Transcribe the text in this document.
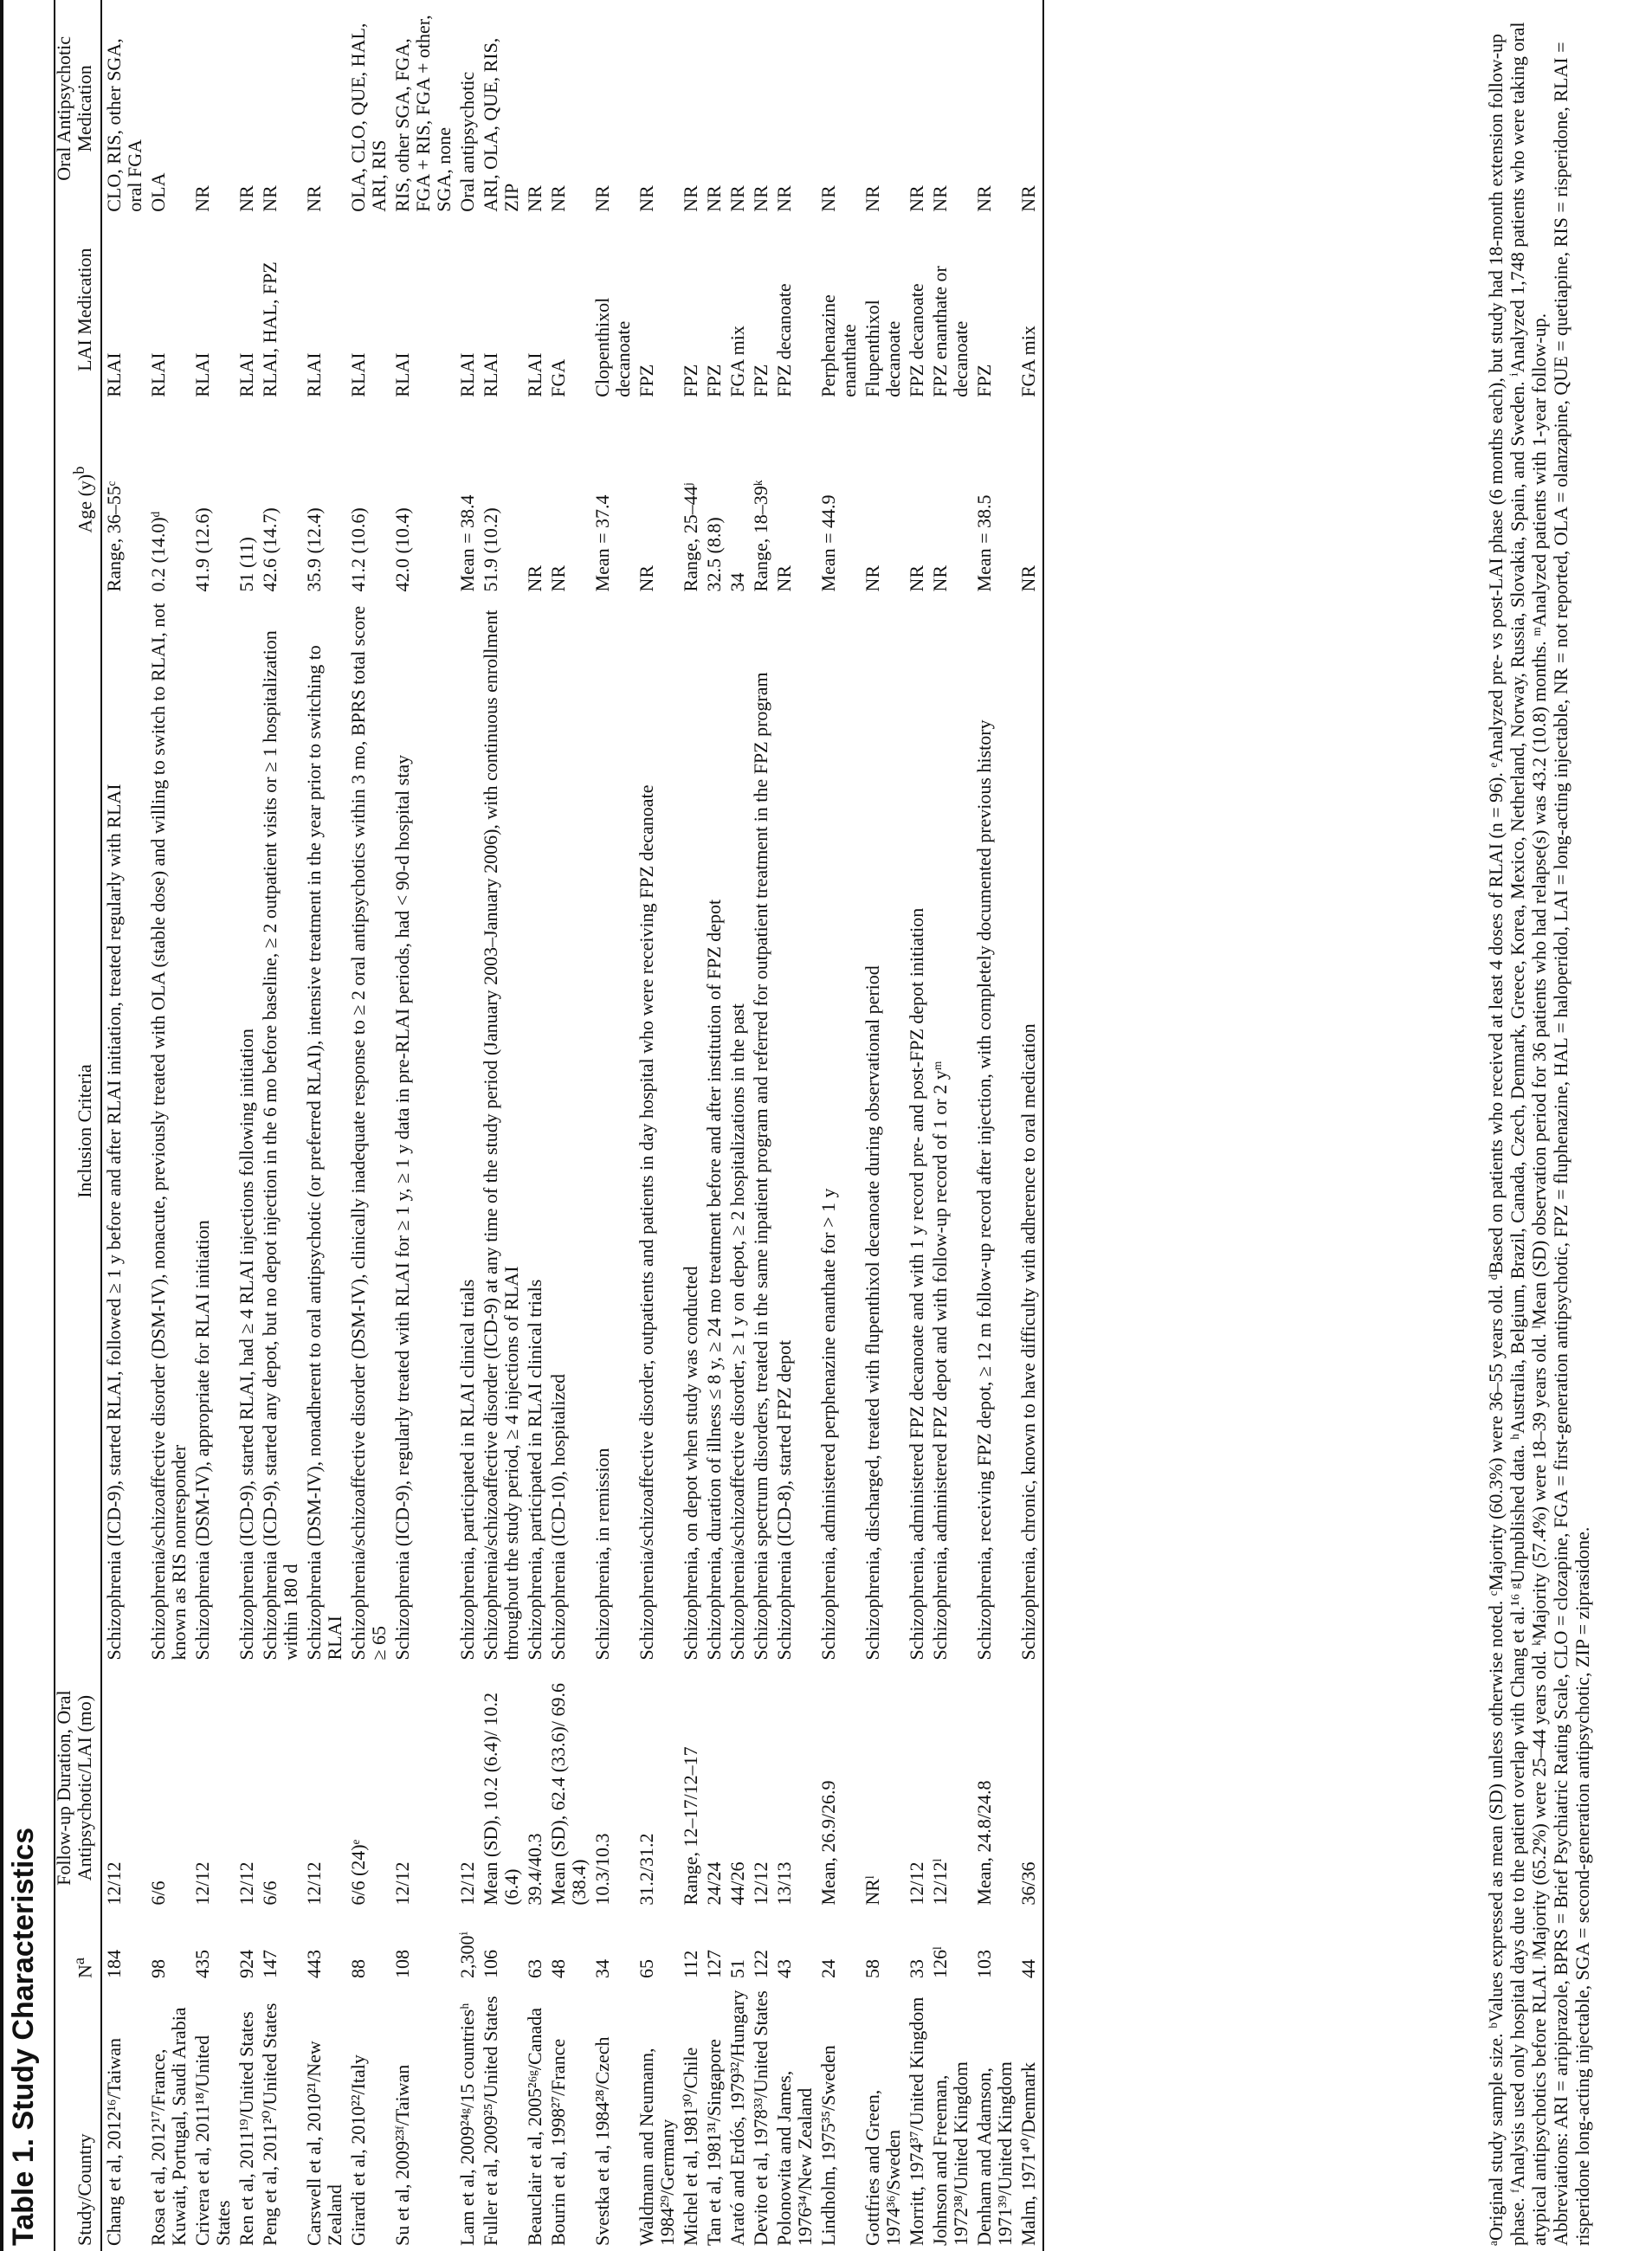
Table 1. Study Characteristics Study/Country	$N^a$	Follow-up Duration, Oral Antipsychotic/LAI (mo)	Inclusion Criteria	Age $(y)^b$	LAI Medication	Oral Antipsychotic Medication
Chang et al, 2012¹⁶/Taiwan	184	12/12	Schizophrenia (ICD-9), started RLAI, followed ≥ 1 y before and after RLAI initiation, treated regularly with RLAI	Range, 36–55ᶜ	RLAI	CLO, RIS, other SGA, oral FGA
Rosa et al, 2012¹⁷/France, Kuwait, Portugal, Saudi Arabia	98	6/6	Schizophrenia/schizoaffective disorder (DSM-IV), nonacute, previously treated with OLA (stable dose) and willing to switch to RLAI, not known as RIS nonresponder	0.2 (14.0)ᵈ	RLAI	OLA
Crivera et al, 2011¹⁸/United States	435	12/12	Schizophrenia (DSM-IV), appropriate for RLAI initiation	41.9 (12.6)	RLAI	NR
Ren et al, 2011¹⁹/United States	924	12/12	Schizophrenia (ICD-9), started RLAI, had ≥ 4 RLAI injections following initiation	51 (11)	RLAI	NR
Peng et al, 2011²⁰/United States	147	6/6	Schizophrenia (ICD-9), started any depot, but no depot injection in the 6 mo before baseline, ≥ 2 outpatient visits or ≥ 1 hospitalization within 180 d	42.6 (14.7)	RLAI, HAL, FPZ	NR
Carswell et al, 2010²¹/New Zealand	443	12/12	Schizophrenia (DSM-IV), nonadherent to oral antipsychotic (or preferred RLAI), intensive treatment in the year prior to switching to RLAI	35.9 (12.4)	RLAI	NR
Girardi et al, 2010²²/Italy	88	6/6 (24)ᵉ	Schizophrenia/schizoaffective disorder (DSM-IV), clinically inadequate response to ≥ 2 oral antipsychotics within 3 mo, BPRS total score ≥ 65	41.2 (10.6)	RLAI	OLA, CLO, QUE, HAL, ARI, RIS
Su et al, 2009²³ᶠ/Taiwan	108	12/12	Schizophrenia (ICD-9), regularly treated with RLAI for ≥ 1 y, ≥ 1 y data in pre-RLAI periods, had < 90-d hospital stay	42.0 (10.4)	RLAI	RIS, other SGA, FGA, FGA + RIS, FGA + other, SGA, none
Lam et al, 2009²⁴ᵍ/15 countriesʰ	2,300ⁱ	12/12	Schizophrenia, participated in RLAI clinical trials	Mean = 38.4	RLAI	Oral antipsychotic
Fuller et al, 2009²⁵/United States	106	Mean (SD), 10.2 (6.4)/ 10.2 (6.4)	Schizophrenia/schizoaffective disorder (ICD-9) at any time of the study period (January 2003–January 2006), with continuous enrollment throughout the study period, ≥ 4 injections of RLAI	51.9 (10.2)	RLAI	ARI, OLA, QUE, RIS, ZIP
Beauclair et al, 2005²⁶ᵍ/Canada	63	39.4/40.3	Schizophrenia, participated in RLAI clinical trials	NR	RLAI	NR
Bourin et al, 1998²⁷/France	48	Mean (SD), 62.4 (33.6)/ 69.6 (38.4)	Schizophrenia (ICD-10), hospitalized	NR	FGA	NR
Svestka et al, 1984²⁸/Czech	34	10.3/10.3	Schizophrenia, in remission	Mean = 37.4	Clopenthixol decanoate	NR
Waldmann and Neumann, 1984²⁹/Germany	65	31.2/31.2	Schizophrenia/schizoaffective disorder, outpatients and patients in day hospital who were receiving FPZ decanoate	NR	FPZ	NR
Michel et al, 1981³⁰/Chile	112	Range, 12–17/12–17	Schizophrenia, on depot when study was conducted	Range, 25–44ʲ	FPZ	NR
Tan et al, 1981³¹/Singapore	127	24/24	Schizophrenia, duration of illness ≤ 8 y, ≥ 24 mo treatment before and after institution of FPZ depot	32.5 (8.8)	FPZ	NR
Arató and Erdós, 1979³²/Hungary	51	44/26	Schizophrenia/schizoaffective disorder, ≥ 1 y on depot, ≥ 2 hospitalizations in the past	34	FGA mix	NR
Devito et al, 1978³³/United States	122	12/12	Schizophrenia spectrum disorders, treated in the same inpatient program and referred for outpatient treatment in the FPZ program	Range, 18–39ᵏ	FPZ	NR
Polonowita and James, 1976³⁴/New Zealand	43	13/13	Schizophrenia (ICD-8), started FPZ depot	NR	FPZ decanoate	NR
Lindholm, 1975³⁵/Sweden	24	Mean, 26.9/26.9	Schizophrenia, administered perphenazine enanthate for > 1 y	Mean = 44.9	Perphenazine enanthate	NR
Gottfries and Green, 1974³⁶/Sweden	58	NRˡ	Schizophrenia, discharged, treated with flupenthixol decanoate during observational period	NR	Flupenthixol decanoate	NR
Morritt, 1974³⁷/United Kingdom	33	12/12	Schizophrenia, administered FPZ decanoate and with 1 y record pre- and post-FPZ depot initiation	NR	FPZ decanoate	NR
Johnson and Freeman, 1972³⁸/United Kingdom	126ˡ	12/12ˡ	Schizophrenia, administered FPZ depot and with follow-up record of 1 or 2 yᵐ	NR	FPZ enanthate or decanoate	NR
Denham and Adamson, 1971³⁹/United Kingdom	103	Mean, 24.8/24.8	Schizophrenia, receiving FPZ depot, ≥ 12 m follow-up record after injection, with completely documented previous history	Mean = 38.5	FPZ	NR
Malm, 1971⁴⁰/Denmark	44	36/36	Schizophrenia, chronic, known to have difficulty with adherence to oral medication	NR	FGA mix	NR	ᵃOriginal study sample size. ᵇValues expressed as mean (SD) unless otherwise noted. ᶜMajority (60.3%) were 36–55 years old. ᵈBased on patients who received at least 4 doses of RLAI (n = 96). ᵉAnalyzed pre- vs post-LAI phase (6 months each), but study had 18-month extension follow-up phase. ᶠAnalysis used only hospital days due to the patient overlap with Chang et al.¹⁶ ᵍUnpublished data. ʰAustralia, Belgium, Brazil, Canada, Czech, Denmark, Greece, Korea, Mexico, Netherland, Norway, Russia, Slovakia, Spain, and Sweden. ⁱAnalyzed 1,748 patients who were taking oral atypical antipsychotics before RLAI. ʲMajority (65.2%) were 25–44 years old. ᵏMajority (57.4%) were 18–39 years old. ˡMean (SD) observation period for 36 patients who had relapse(s) was 43.2 (10.8) months. ᵐAnalyzed patients with 1-year follow-up. Abbreviations: ARI = aripiprazole, BPRS = Brief Psychiatric Rating Scale, CLO = clozapine, FGA = first-generation antipsychotic, FPZ = fluphenazine, HAL = haloperidol, LAI = long-acting injectable, NR = not reported, OLA = olanzapine, QUE = quetiapine, RIS = risperidone, RLAI = risperidone long-acting injectable, SGA = second-generation antipsychotic, ZIP = ziprasidone.
